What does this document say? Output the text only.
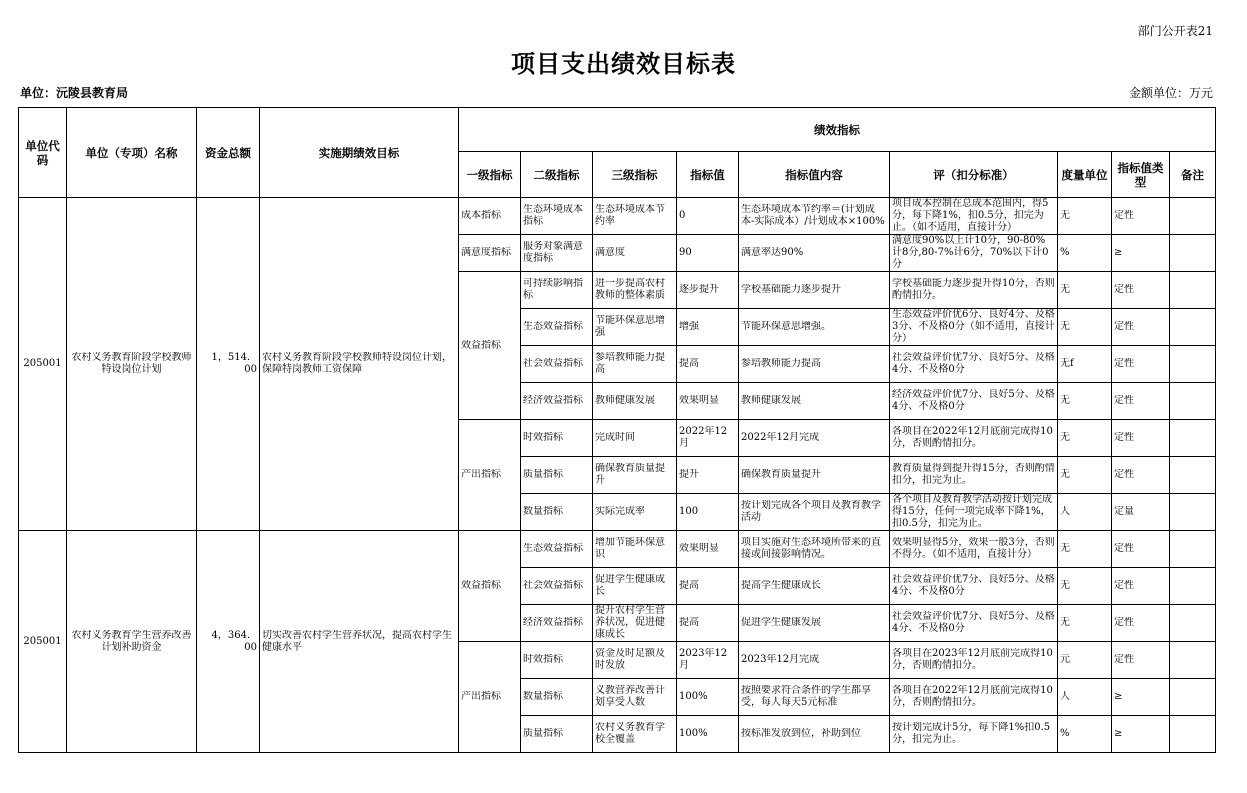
部门公开表21
项目支出绩效目标表
单位：沅陵县教育局	金额单位：万元
单位代码	单位（专项）名称	资金总额	实施期绩效目标	绩效指标								
				一级指标	二级指标	三级指标	指标值	指标值内容	评（扣分标准）	度量单位	指标值类型	备注

205001	农村义务教育阶段学校教师特设岗位计划	1，514．00	农村义务教育阶段学校教师特设岗位计划，保障特岗教师工资保障	成本指标	生态环境成本指标	生态环境成本节约率	0	生态环境成本节约率＝(计划成本-实际成本）/计划成本×100%	项目成本控制在总成本范围内，得5分，每下降1%，扣0.5分，扣完为止。（如不适用，直接计分）	无	定性	

				满意度指标	服务对象满意度指标	满意度	90	满意率达90%	满意度90%以上计10分，90-80%计8分,80-7%计6分，70%以下计0分	%	≥	

				效益指标	可持续影响指标	进一步提高农村教师的整体素质	逐步提升	学校基础能力逐步提升	学校基础能力逐步提升得10分，否则酌情扣分。	无	定性	

					生态效益指标	节能环保意思增强	增强	节能环保意思增强。	生态效益评价优6分、良好4分、及格3分、不及格0分（如不适用，直接计分）	无	定性	

					社会效益指标	参培教师能力提高	提高	参培教师能力提高	社会效益评价优7分、良好5分、及格4分、不及格0分	无f	定性	

					经济效益指标	教师健康发展	效果明显	教师健康发展	经济效益评价优7分、良好5分、及格4分、不及格0分	无	定性	

				产出指标	时效指标	完成时间	2022年12月	2022年12月完成	各项目在2022年12月底前完成得10分，否则酌情扣分。	无	定性	

					质量指标	确保教育质量提升	提升	确保教育质量提升	教育质量得到提升得15分，否则酌情扣分，扣完为止。	无	定性	

					数量指标	实际完成率	100	按计划完成各个项目及教育教学活动	各个项目及教育教学活动按计划完成得15分，任何一项完成率下降1%，扣0.5分，扣完为止。	人	定量	

205001	农村义务教育学生营养改善计划补助资金	4，364．00	切实改善农村学生营养状况，提高农村学生健康水平	效益指标	生态效益指标	增加节能环保意识	效果明显	项目实施对生态环境所带来的直接或间接影响情况。	效果明显得5分，效果一般3分，否则不得分。（如不适用，直接计分）	无	定性	

					社会效益指标	促进学生健康成长	提高	提高学生健康成长	社会效益评价优7分、良好5分、及格4分、不及格0分	无	定性	

					经济效益指标	提升农村学生营养状况，促进健康成长	提高	促进学生健康发展	社会效益评价优7分、良好5分、及格4分、不及格0分	无	定性	

				产出指标	时效指标	资金及时足额及时发放	2023年12月	2023年12月完成	各项目在2023年12月底前完成得10分，否则酌情扣分。	元	定性	

					数量指标	义教营养改善计划享受人数	100%	按照要求符合条件的学生都享受，每人每天5元标准	各项目在2022年12月底前完成得10分，否则酌情扣分。	人	≥	

					质量指标	农村义务教育学校全覆盖	100%	按标准发放到位，补助到位	按计划完成计5分，每下降1%扣0.5分，扣完为止。	%	≥	
